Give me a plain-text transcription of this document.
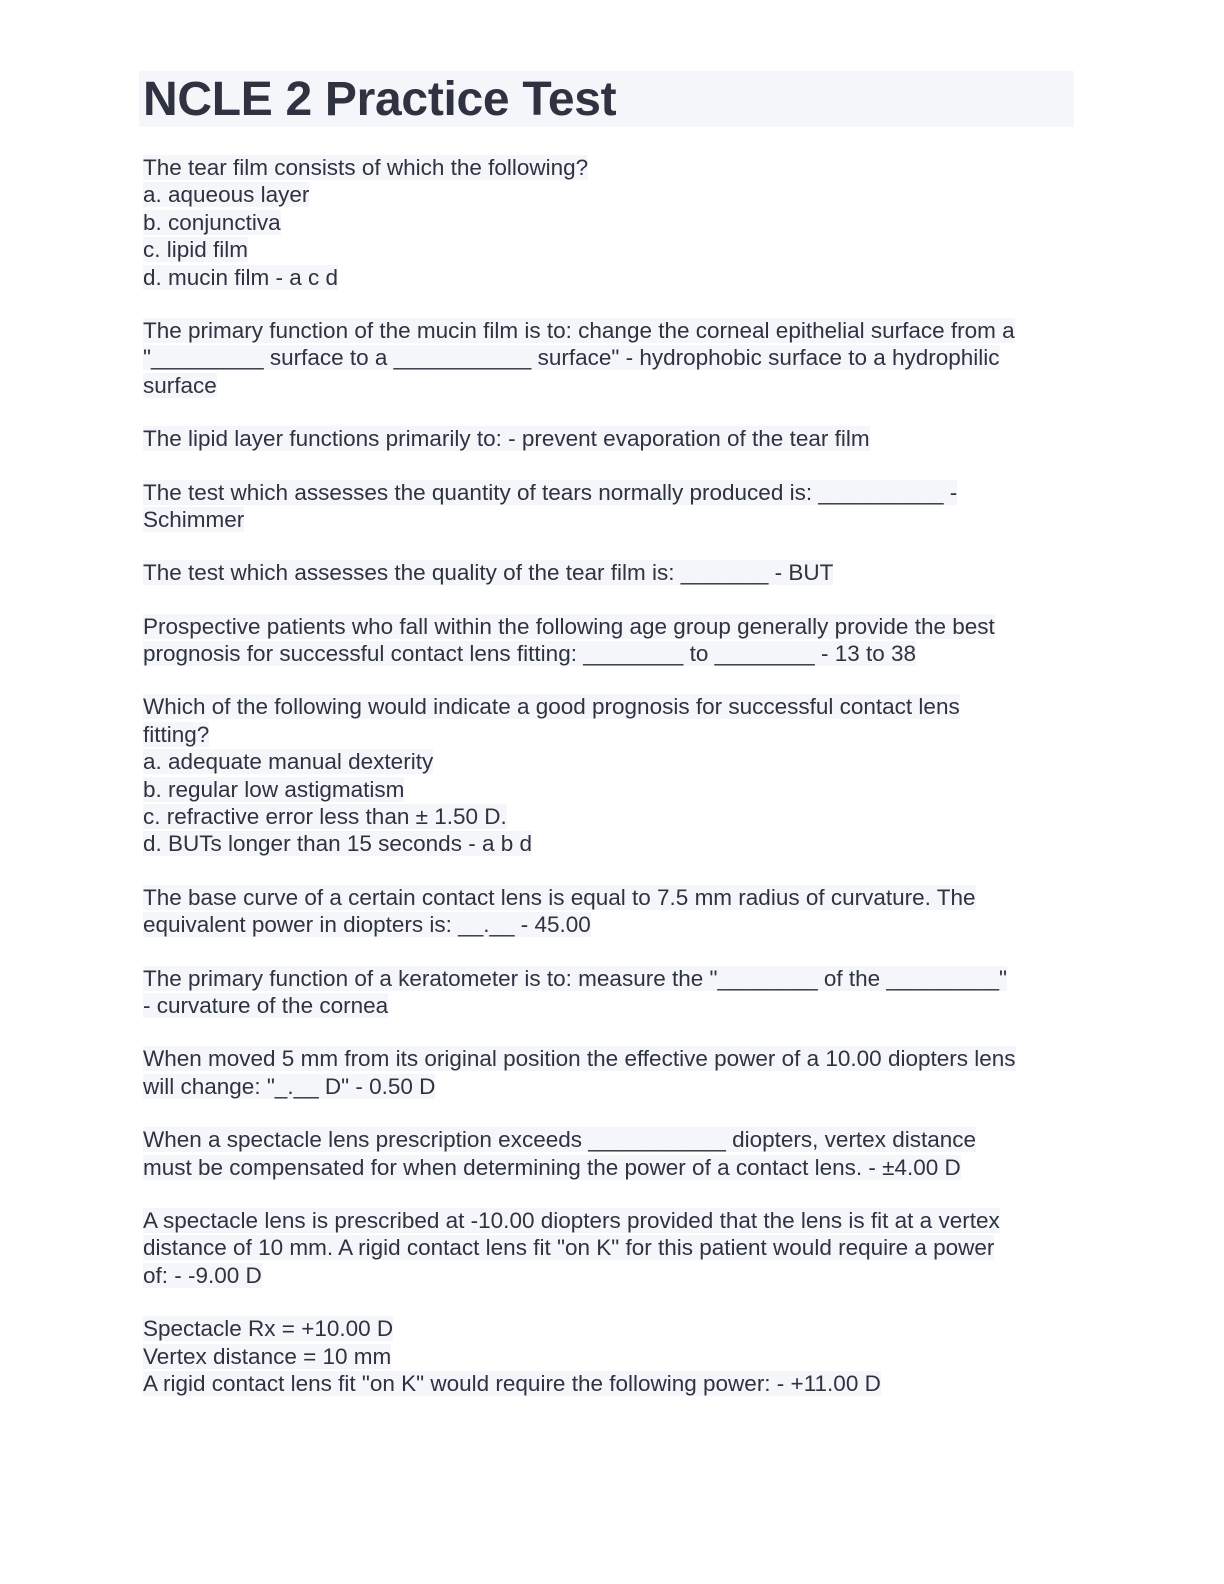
NCLE 2 Practice Test
The tear film consists of which the following?
a. aqueous layer
b. conjunctiva
c. lipid film
d. mucin film - a c d
The primary function of the mucin film is to: change the corneal epithelial surface from a
"_________ surface to a ___________ surface" - hydrophobic surface to a hydrophilic
surface
The lipid layer functions primarily to: - prevent evaporation of the tear film
The test which assesses the quantity of tears normally produced is: __________ -
Schimmer
The test which assesses the quality of the tear film is: _______ - BUT
Prospective patients who fall within the following age group generally provide the best
prognosis for successful contact lens fitting: ________ to ________ - 13 to 38
Which of the following would indicate a good prognosis for successful contact lens
fitting?
a. adequate manual dexterity
b. regular low astigmatism
c. refractive error less than ± 1.50 D.
d. BUTs longer than 15 seconds - a b d
The base curve of a certain contact lens is equal to 7.5 mm radius of curvature. The
equivalent power in diopters is: __.__ - 45.00
The primary function of a keratometer is to: measure the "________ of the _________"
- curvature of the cornea
When moved 5 mm from its original position the effective power of a 10.00 diopters lens
will change: "_.__ D" - 0.50 D
When a spectacle lens prescription exceeds ___________ diopters, vertex distance
must be compensated for when determining the power of a contact lens. - ±4.00 D
A spectacle lens is prescribed at -10.00 diopters provided that the lens is fit at a vertex
distance of 10 mm. A rigid contact lens fit "on K" for this patient would require a power
of: - -9.00 D
Spectacle Rx = +10.00 D
Vertex distance = 10 mm
A rigid contact lens fit "on K" would require the following power: - +11.00 D
